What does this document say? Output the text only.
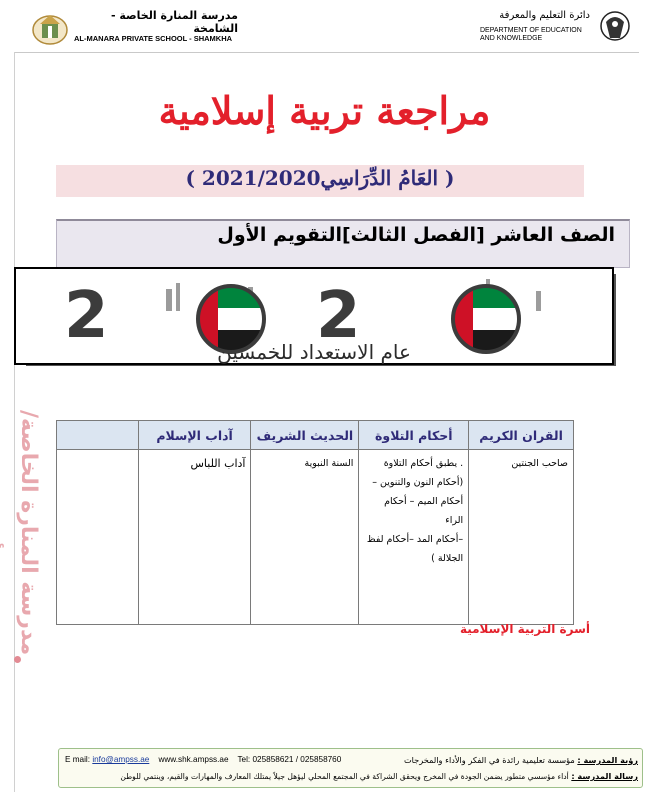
مدرسة المنارة الخاصة - الشامخة
AL-MANARA PRIVATE SCHOOL - SHAMKHA
دائرة التعليم والمعرفة
DEPARTMENT OF EDUCATION
AND KNOWLEDGE
مراجعة تربية إسلامية
( العَامُ الدِّرَاسِي2021/2020 )
الصف العاشر [الفصل الثالث]التقويم الأول
2	2
عام الاستعداد للخمسين
مدرسة المنارة الخاصة/	القران الكريم	أحكام التلاوة	الحديث الشريف	آداب الإسلام	

صاحب الجنتين	. يطبق أحكام التلاوة
(أحكام النون والتنوين –
أحكام الميم – أحكام الراء
–أحكام المد –أحكام لفظ
الجلالة )	السنة النبوية	آداب اللباس	

أسرة التربية الإسلامية
E mail: info@ampss.ae www.shk.ampss.ae Tel: 025858621 / 025858760	رؤية المدرسة : مؤسسة تعليمية رائدة في الفكر والأداء والمخرجات
رسالة المدرسة : أداء مؤسسي متطور يضمن الجودة في المخرج ويحقق الشراكة في المجتمع المحلي ليؤهل جيلاً يمتلك المعارف والمهارات والقيم، وينتمي للوطن
